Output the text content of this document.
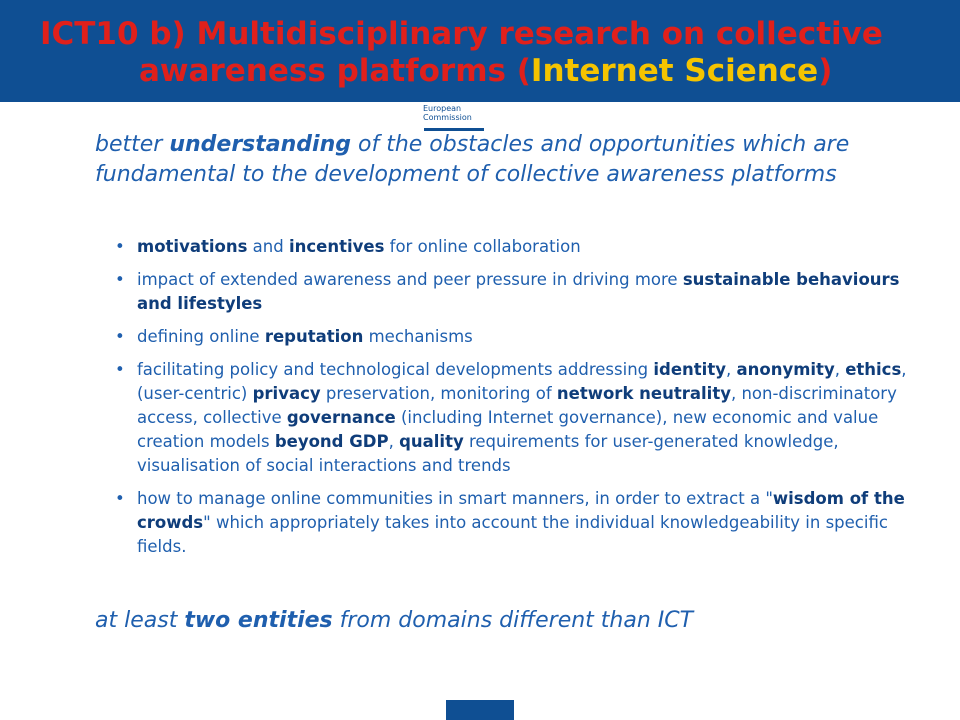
ICT10 b) Multidisciplinary research on collective
awareness platforms (Internet Science)
European
Commission

better understanding of the obstacles and opportunities which are fundamental to the development of collective awareness platforms

• motivations and incentives for online collaboration
• impact of extended awareness and peer pressure in driving more sustainable behaviours and lifestyles
• defining online reputation mechanisms
• facilitating policy and technological developments addressing identity, anonymity, ethics, (user-centric) privacy preservation, monitoring of network neutrality, non-discriminatory access, collective governance (including Internet governance), new economic and value creation models beyond GDP, quality requirements for user-generated knowledge, visualisation of social interactions and trends
• how to manage online communities in smart manners, in order to extract a "wisdom of the crowds" which appropriately takes into account the individual knowledgeability in specific fields.

at least two entities from domains different than ICT
